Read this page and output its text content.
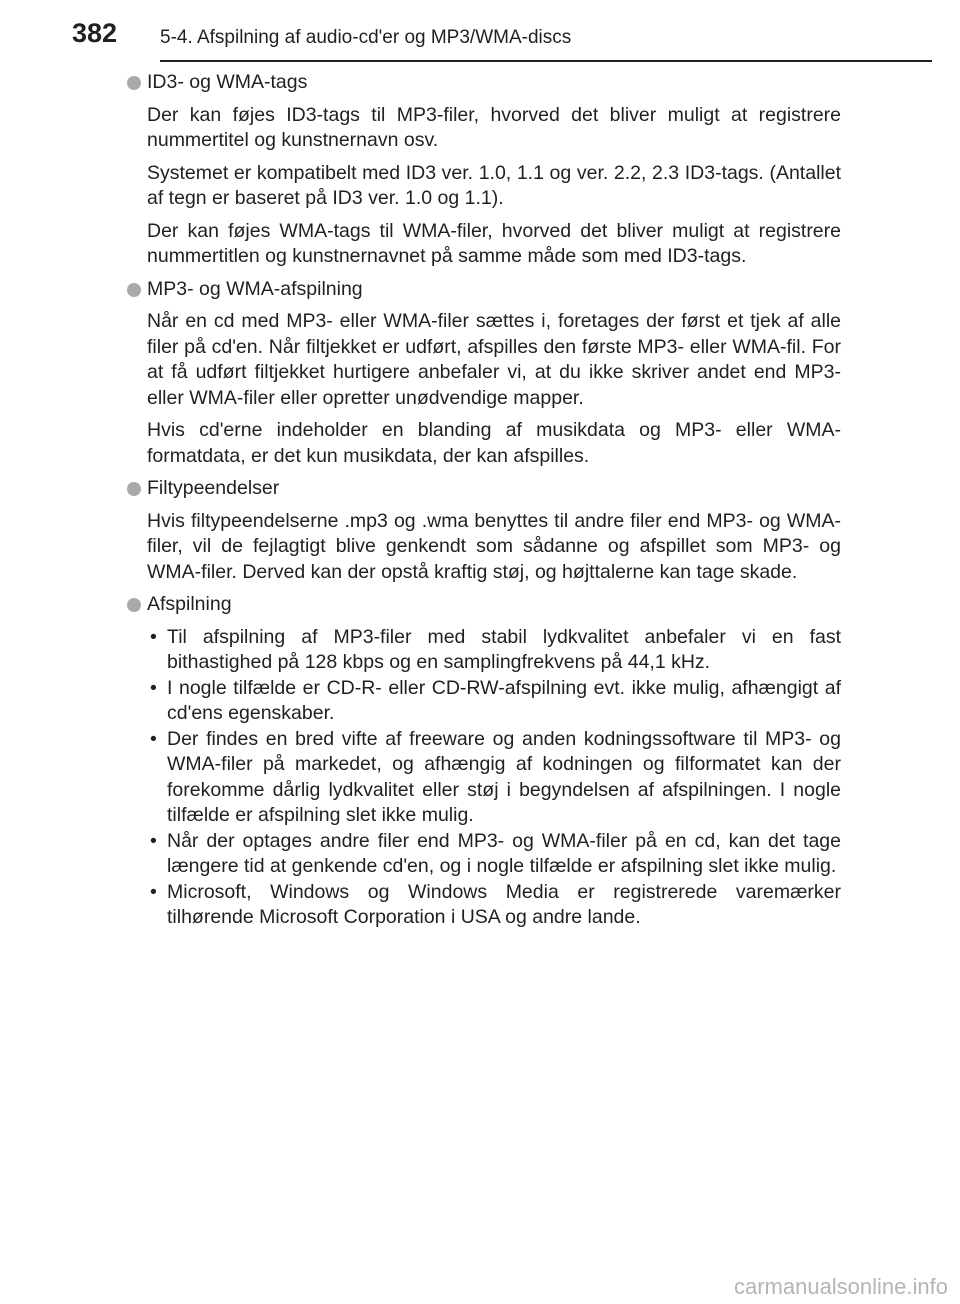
382 5-4. Afspilning af audio-cd'er og MP3/WMA-discs
ID3- og WMA-tags

Der kan føjes ID3-tags til MP3-filer, hvorved det bliver muligt at registrere nummertitel og kunstnernavn osv.

Systemet er kompatibelt med ID3 ver. 1.0, 1.1 og ver. 2.2, 2.3 ID3-tags. (Antallet af tegn er baseret på ID3 ver. 1.0 og 1.1).

Der kan føjes WMA-tags til WMA-filer, hvorved det bliver muligt at registrere nummertitlen og kunstnernavnet på samme måde som med ID3-tags.

MP3- og WMA-afspilning

Når en cd med MP3- eller WMA-filer sættes i, foretages der først et tjek af alle filer på cd'en. Når filtjekket er udført, afspilles den første MP3- eller WMA-fil. For at få udført filtjekket hurtigere anbefaler vi, at du ikke skriver andet end MP3- eller WMA-filer eller opretter unødvendige mapper.

Hvis cd'erne indeholder en blanding af musikdata og MP3- eller WMA-formatdata, er det kun musikdata, der kan afspilles.

Filtypeendelser

Hvis filtypeendelserne .mp3 og .wma benyttes til andre filer end MP3- og WMA-filer, vil de fejlagtigt blive genkendt som sådanne og afspillet som MP3- og WMA-filer. Derved kan der opstå kraftig støj, og højttalerne kan tage skade.

Afspilning
• Til afspilning af MP3-filer med stabil lydkvalitet anbefaler vi en fast bithastighed på 128 kbps og en samplingfrekvens på 44,1 kHz.
• I nogle tilfælde er CD-R- eller CD-RW-afspilning evt. ikke mulig, afhængigt af cd'ens egenskaber.
• Der findes en bred vifte af freeware og anden kodningssoftware til MP3- og WMA-filer på markedet, og afhængig af kodningen og filformatet kan der forekomme dårlig lydkvalitet eller støj i begyndelsen af afspilningen. I nogle tilfælde er afspilning slet ikke mulig.
• Når der optages andre filer end MP3- og WMA-filer på en cd, kan det tage længere tid at genkende cd'en, og i nogle tilfælde er afspilning slet ikke mulig.
• Microsoft, Windows og Windows Media er registrerede varemærker tilhørende Microsoft Corporation i USA og andre lande.
carmanualsonline.info
